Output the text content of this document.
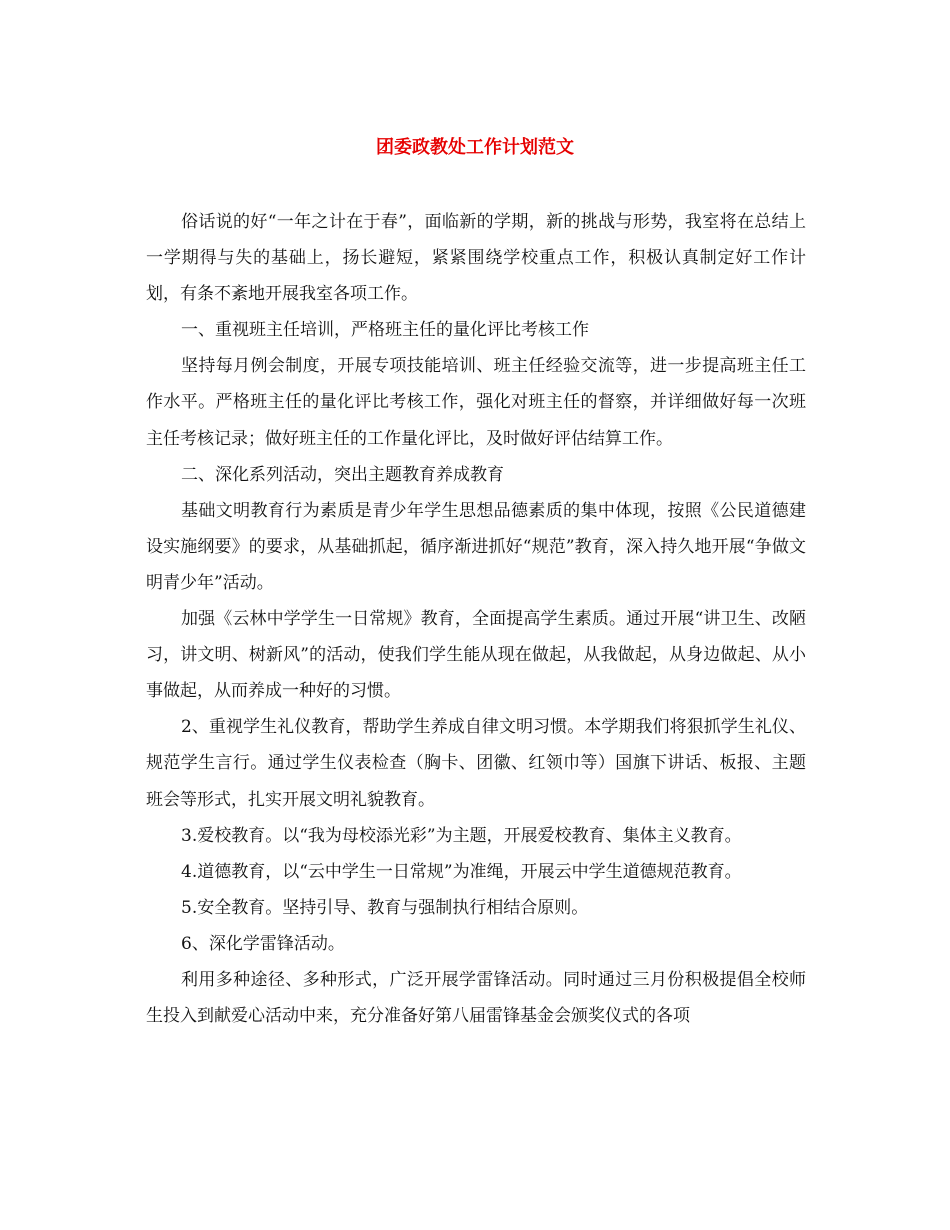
团委政教处工作计划范文

俗话说的好“一年之计在于春”，面临新的学期，新的挑战与形势，我室将在总结上一学期得与失的基础上，扬长避短，紧紧围绕学校重点工作，积极认真制定好工作计划，有条不紊地开展我室各项工作。

一、重视班主任培训，严格班主任的量化评比考核工作

坚持每月例会制度，开展专项技能培训、班主任经验交流等，进一步提高班主任工作水平。严格班主任的量化评比考核工作，强化对班主任的督察，并详细做好每一次班主任考核记录；做好班主任的工作量化评比，及时做好评估结算工作。

二、深化系列活动，突出主题教育养成教育

基础文明教育行为素质是青少年学生思想品德素质的集中体现，按照《公民道德建设实施纲要》的要求，从基础抓起，循序渐进抓好“规范”教育，深入持久地开展“争做文明青少年”活动。

加强《云林中学学生一日常规》教育，全面提高学生素质。通过开展“讲卫生、改陋习，讲文明、树新风”的活动，使我们学生能从现在做起，从我做起，从身边做起、从小事做起，从而养成一种好的习惯。

2、重视学生礼仪教育，帮助学生养成自律文明习惯。本学期我们将狠抓学生礼仪、规范学生言行。通过学生仪表检查（胸卡、团徽、红领巾等）国旗下讲话、板报、主题班会等形式，扎实开展文明礼貌教育。

3.爱校教育。以“我为母校添光彩”为主题，开展爱校教育、集体主义教育。

4.道德教育，以“云中学生一日常规”为准绳，开展云中学生道德规范教育。

5.安全教育。坚持引导、教育与强制执行相结合原则。

6、深化学雷锋活动。

利用多种途径、多种形式，广泛开展学雷锋活动。同时通过三月份积极提倡全校师生投入到献爱心活动中来，充分准备好第八届雷锋基金会颁奖仪式的各项
